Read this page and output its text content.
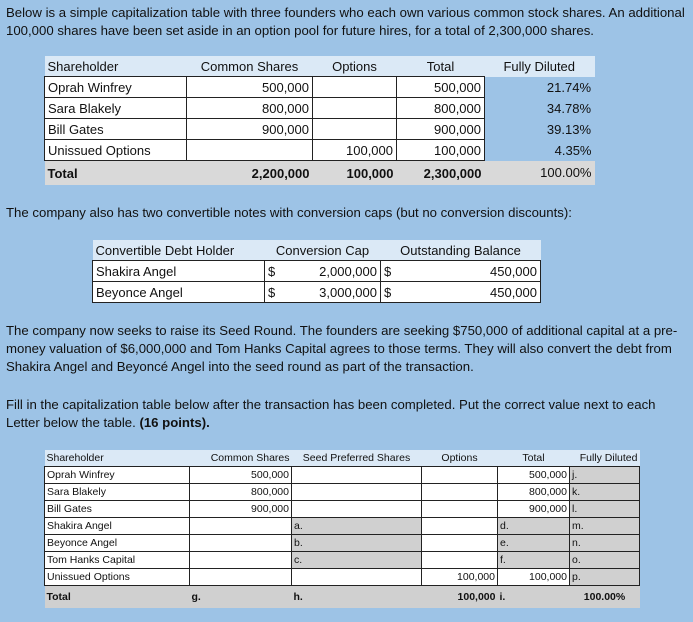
Below is a simple capitalization table with three founders who each own various common stock shares. An additional 100,000 shares have been set aside in an option pool for future hires, for a total of 2,300,000 shares.
Shareholder	Common Shares	Options	Total	Fully Diluted
Oprah Winfrey	500,000		500,000	21.74%
Sara Blakely	800,000		800,000	34.78%
Bill Gates	900,000		900,000	39.13%
Unissued Options		100,000	100,000	4.35%
Total	2,200,000	100,000	2,300,000	100.00%
The company also has two convertible notes with conversion caps (but no conversion discounts):
Convertible Debt Holder	Conversion Cap		Outstanding Balance	
Shakira Angel	$	2,000,000	$	450,000
Beyonce Angel	$	3,000,000	$	450,000
The company now seeks to raise its Seed Round. The founders are seeking $750,000 of additional capital at a pre-money valuation of $6,000,000 and Tom Hanks Capital agrees to those terms. They will also convert the debt from Shakira Angel and Beyoncé Angel into the seed round as part of the transaction.
Fill in the capitalization table below after the transaction has been completed. Put the correct value next to each Letter below the table. (16 points).
Shareholder	Common Shares	Seed Preferred Shares	Options	Total	Fully Diluted
Oprah Winfrey	500,000			500,000	j.
Sara Blakely	800,000			800,000	k.
Bill Gates	900,000			900,000	l.
Shakira Angel		a.		d.	m.
Beyonce Angel		b.		e.	n.
Tom Hanks Capital		c.		f.	o.
Unissued Options			100,000	100,000	p.
Total	g.	h.	100,000	i.	100.00%
